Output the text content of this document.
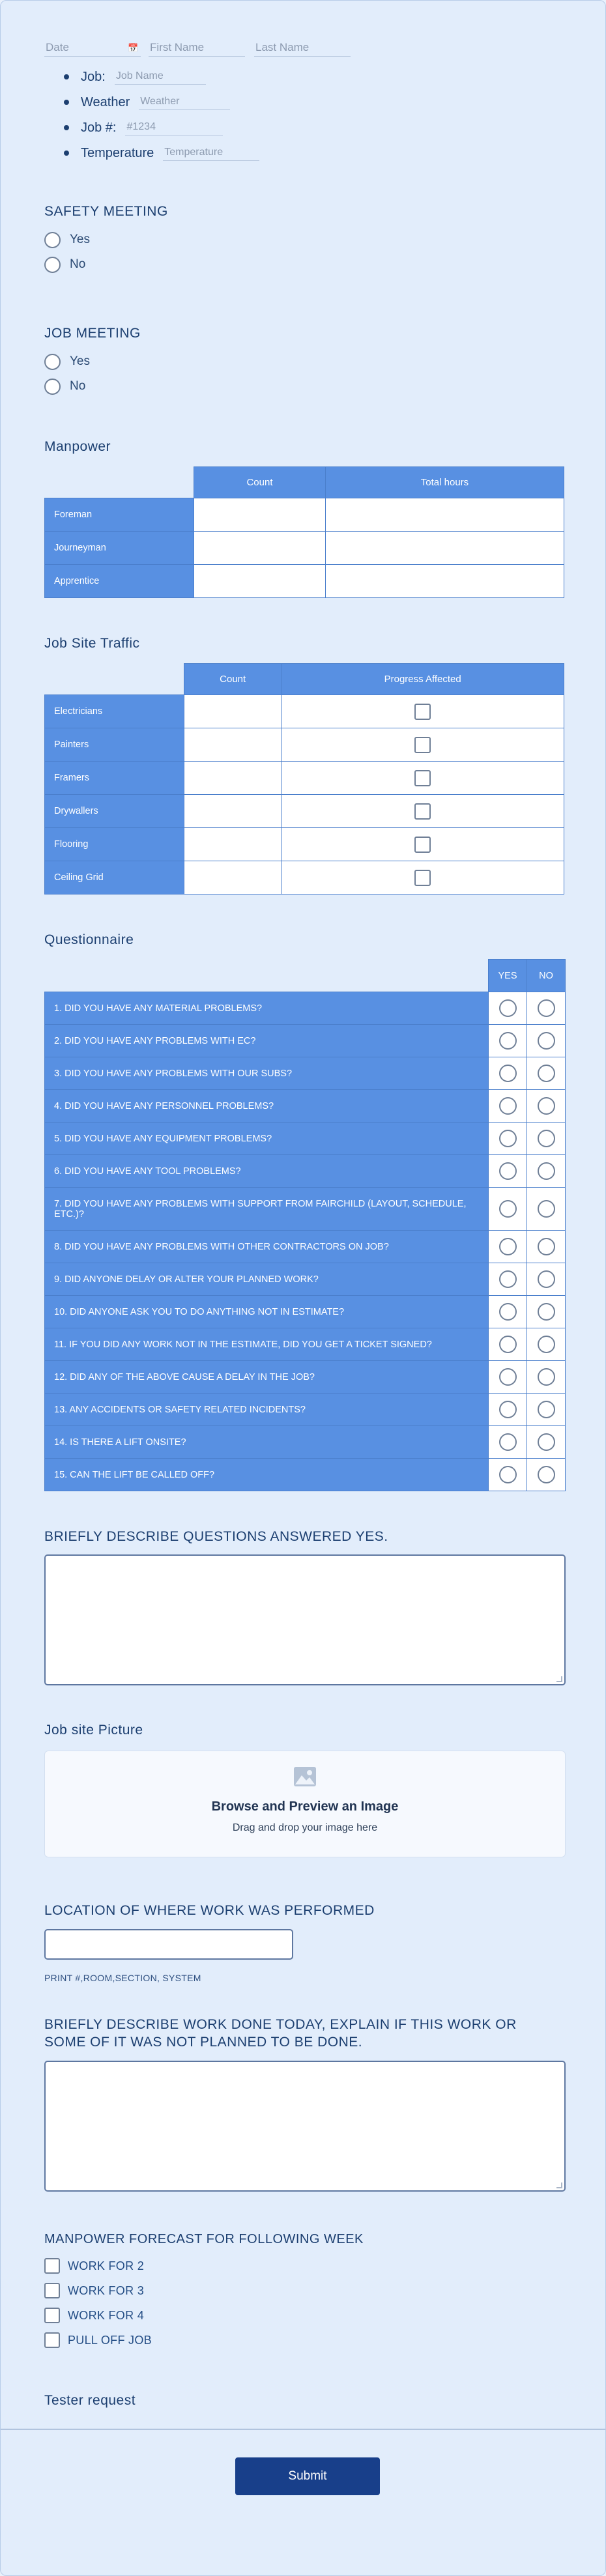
Date
📅
First Name
Last Name
Job:
Job Name
Weather
Weather
Job #:
#1234
Temperature
Temperature
SAFETY MEETING
Yes
No
JOB MEETING
Yes
No
Manpower
	Count	Total hours
Foreman		
Journeyman		
Apprentice		
Job Site Traffic
	Count	Progress Affected
Electricians		
Painters		
Framers		
Drywallers		
Flooring		
Ceiling Grid		
Questionnaire
	YES	NO
1. DID YOU HAVE ANY MATERIAL PROBLEMS?		
2. DID YOU HAVE ANY PROBLEMS WITH EC?		
3. DID YOU HAVE ANY PROBLEMS WITH OUR SUBS?		
4. DID YOU HAVE ANY PERSONNEL PROBLEMS?		
5. DID YOU HAVE ANY EQUIPMENT PROBLEMS?		
6. DID YOU HAVE ANY TOOL PROBLEMS?		
7. DID YOU HAVE ANY PROBLEMS WITH SUPPORT FROM FAIRCHILD (LAYOUT, SCHEDULE, ETC.)?		
8. DID YOU HAVE ANY PROBLEMS WITH OTHER CONTRACTORS ON JOB?		
9. DID ANYONE DELAY OR ALTER YOUR PLANNED WORK?		
10. DID ANYONE ASK YOU TO DO ANYTHING NOT IN ESTIMATE?		
11. IF YOU DID ANY WORK NOT IN THE ESTIMATE, DID YOU GET A TICKET SIGNED?		
12. DID ANY OF THE ABOVE CAUSE A DELAY IN THE JOB?		
13. ANY ACCIDENTS OR SAFETY RELATED INCIDENTS?		
14. IS THERE A LIFT ONSITE?		
15. CAN THE LIFT BE CALLED OFF?		
BRIEFLY DESCRIBE QUESTIONS ANSWERED YES.
Job site Picture
Browse and Preview an Image
Drag and drop your image here
LOCATION OF WHERE WORK WAS PERFORMED
PRINT #,ROOM,SECTION, SYSTEM
BRIEFLY DESCRIBE WORK DONE TODAY, EXPLAIN IF THIS WORK OR SOME OF IT WAS NOT PLANNED TO BE DONE.
MANPOWER FORECAST FOR FOLLOWING WEEK
WORK FOR 2
WORK FOR 3
WORK FOR 4
PULL OFF JOB
Tester request
Submit
